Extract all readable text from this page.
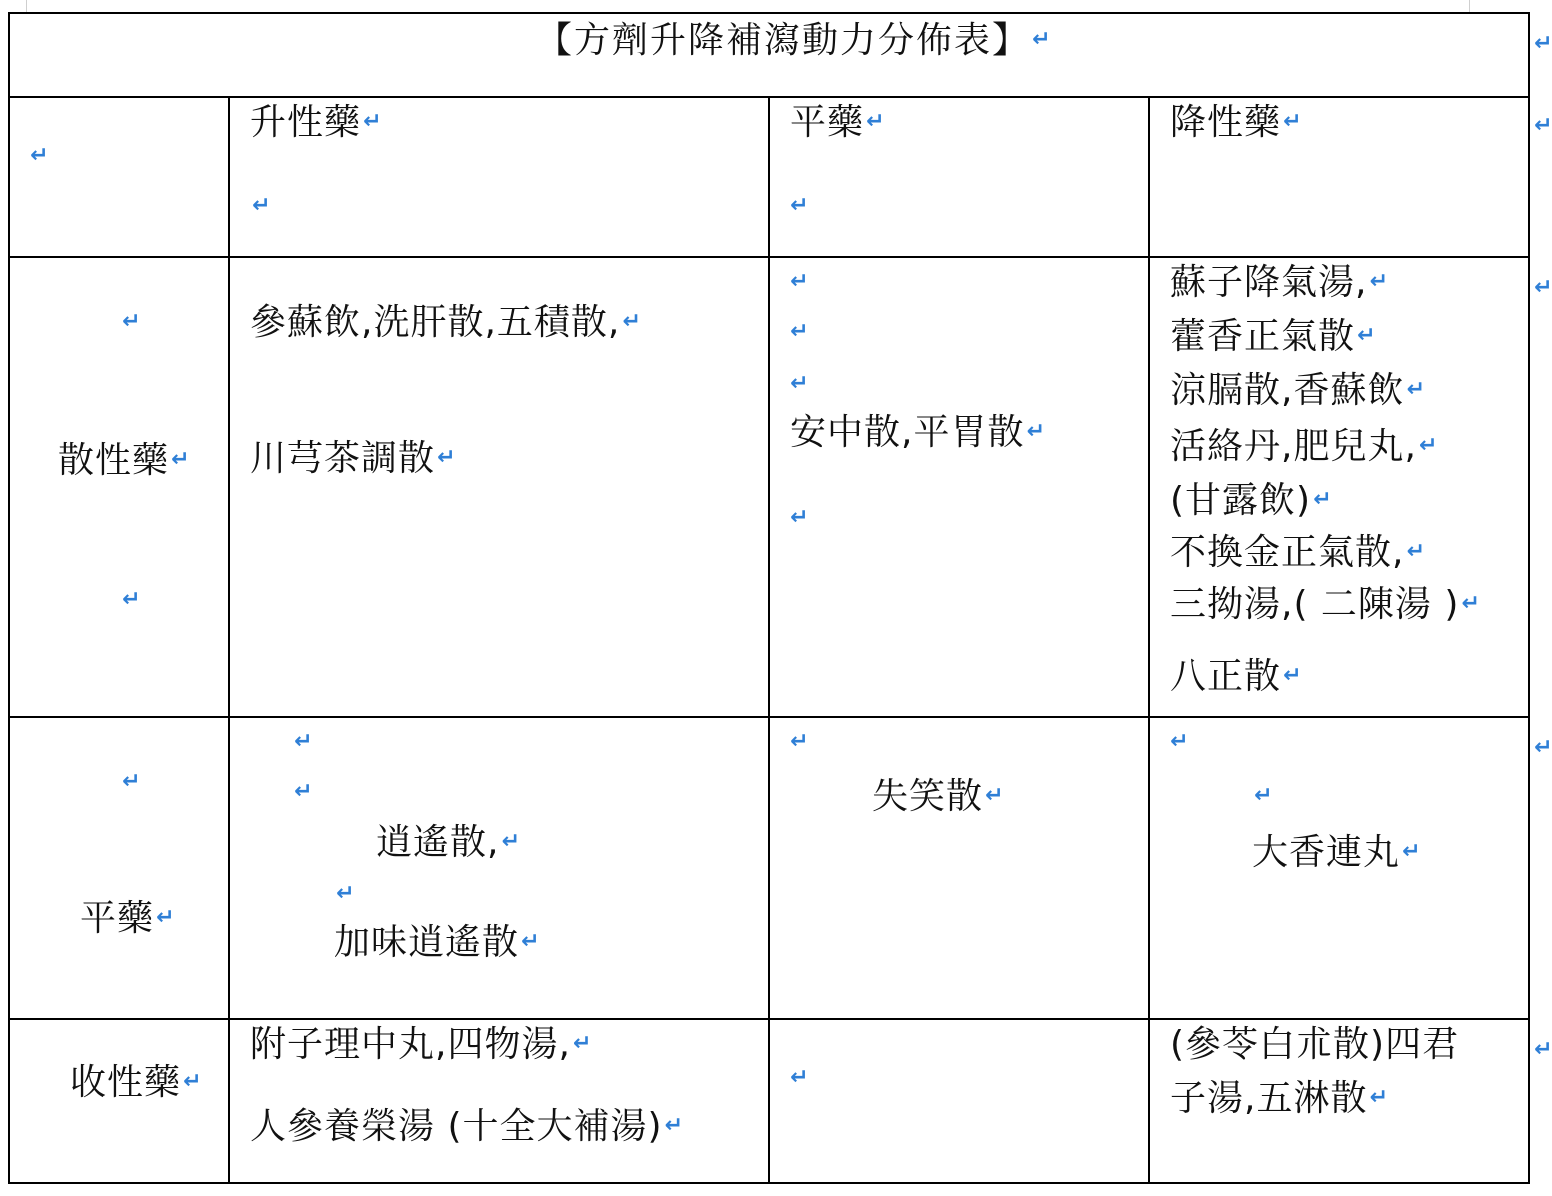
【方劑升降補瀉動力分佈表】↵
↵
升性藥↵
↵
平藥↵
↵
降性藥↵
↵
↵
↵
↵
↵
↵
散性藥↵
↵
參蘇飲,洗肝散,五積散,↵
川芎茶調散↵
↵
↵
↵
安中散,平胃散↵
↵
蘇子降氣湯,↵
藿香正氣散↵
涼膈散,香蘇飲↵
活絡丹,肥兒丸,↵
(甘露飲)↵
不換金正氣散,↵
三拗湯,( 二陳湯 )↵
八正散↵
↵
平藥↵
↵
↵
逍遙散,↵
↵
加味逍遙散↵
↵
失笑散↵
↵
↵
大香連丸↵
收性藥↵
附子理中丸,四物湯,↵
人參養榮湯 (十全大補湯)↵
↵
(參苓白朮散)四君
子湯,五淋散↵
